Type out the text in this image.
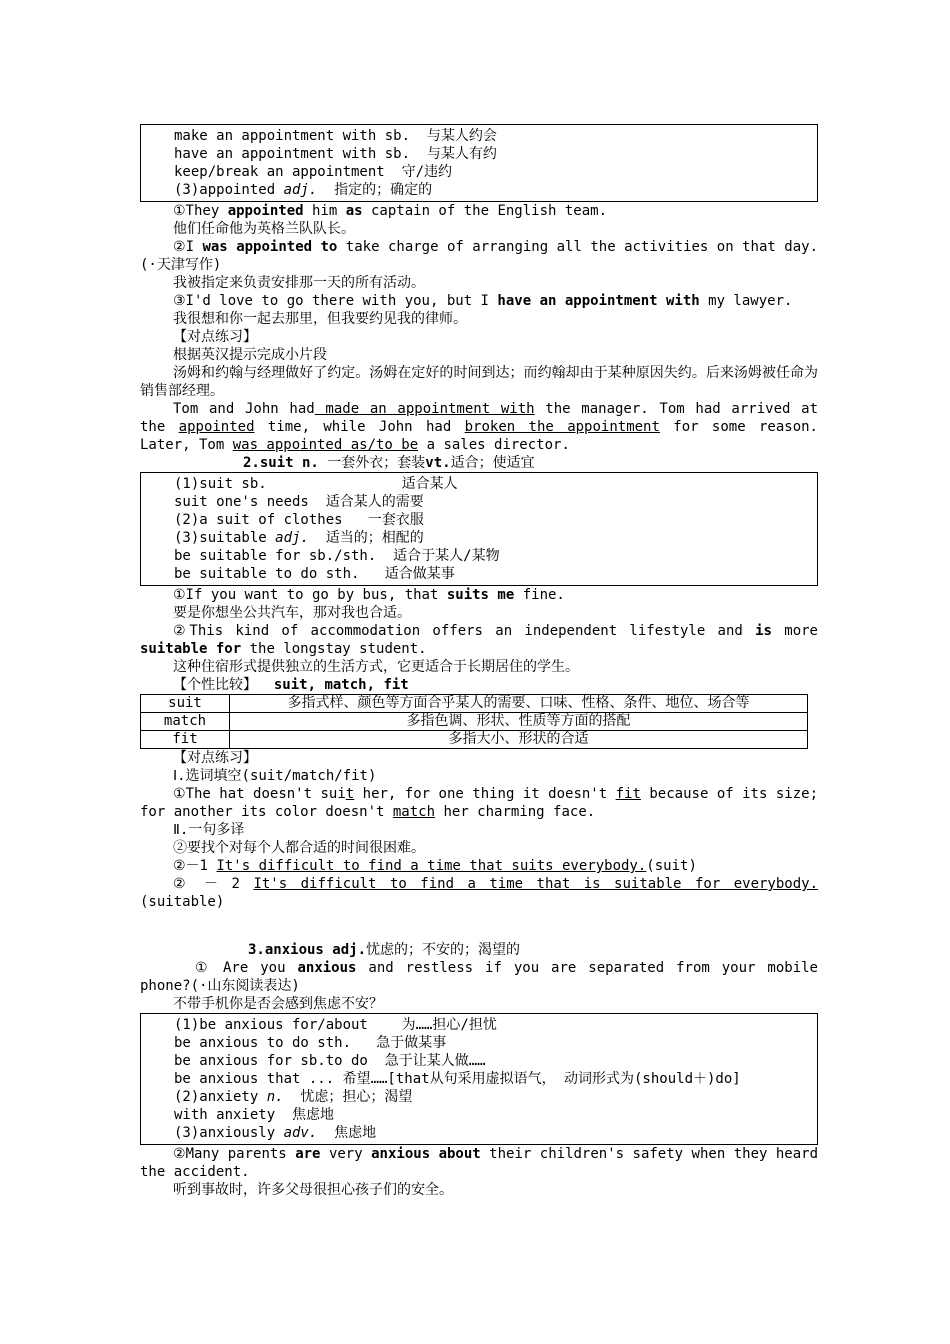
make an appointment with sb.  与某人约会
have an appointment with sb.  与某人有约
keep/break an appointment  守/违约
(3)appointed adj.  指定的；确定的
①They appointed him as captain of the English team.
他们任命他为英格兰队队长。
②I was appointed to take charge of arranging all the activities on that day.(·天津写作)
我被指定来负责安排那一天的所有活动。
③I'd love to go there with you, but I have an appointment with my lawyer.
我很想和你一起去那里，但我要约见我的律师。
【对点练习】
根据英汉提示完成小片段
汤姆和约翰与经理做好了约定。汤姆在定好的时间到达；而约翰却由于某种原因失约。后来汤姆被任命为销售部经理。
Tom and John had made an appointment with the manager. Tom had arrived at the appointed time, while John had broken the appointment for some reason. Later, Tom was appointed as/to be a sales director.
2.suit n. 一套外衣；套装vt.适合；使适宜
(1)suit sb.                适合某人
suit one's needs  适合某人的需要
(2)a suit of clothes   一套衣服
(3)suitable adj.  适当的；相配的
be suitable for sb./sth.  适合于某人/某物
be suitable to do sth.   适合做某事
①If you want to go by bus, that suits me fine.
要是你想坐公共汽车，那对我也合适。
②This kind of accommodation offers an independent lifestyle and is more suitable for the longstay student.
这种住宿形式提供独立的生活方式，它更适合于长期居住的学生。
【个性比较】  suit, match, fit
suit	多指式样、颜色等方面合乎某人的需要、口味、性格、条件、地位、场合等
match	多指色调、形状、性质等方面的搭配
fit	多指大小、形状的合适
【对点练习】
Ⅰ.选词填空(suit/match/fit)
①The hat doesn't suit her, for one thing it doesn't fit because of its size; for another its color doesn't match her charming face.
Ⅱ.一句多译
②要找个对每个人都合适的时间很困难。
②－1 It's difficult to find a time that suits everybody.(suit)
② － 2 It's difficult to find a time that is suitable for everybody.(suitable)
3.anxious adj.忧虑的；不安的；渴望的
① Are you anxious and restless if you are separated from your mobile phone?(·山东阅读表达)
不带手机你是否会感到焦虑不安？
(1)be anxious for/about    为……担心/担忧
be anxious to do sth.   急于做某事
be anxious for sb.to do  急于让某人做……
be anxious that ... 希望……[that从句采用虚拟语气， 动词形式为(should＋)do]
(2)anxiety n.  忧虑；担心；渴望
with anxiety  焦虑地
(3)anxiously adv.  焦虑地
②Many parents are very anxious about their children's safety when they heard the accident.
听到事故时，许多父母很担心孩子们的安全。
